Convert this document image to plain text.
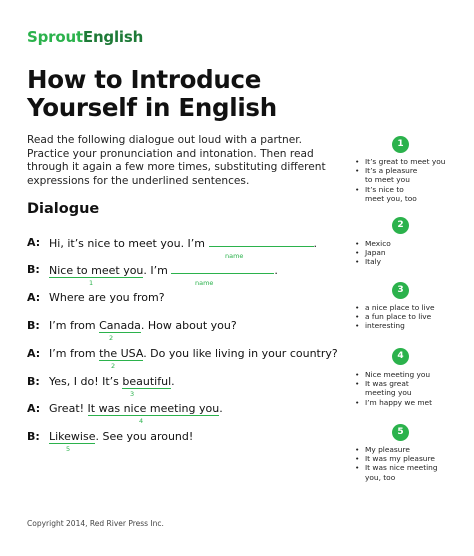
SproutEnglish
How to Introduce Yourself in English
Read the following dialogue out loud with a partner. Practice your pronunciation and intonation. Then read through it again a few more times, substituting different expressions for the underlined sentences.
Dialogue
A: Hi, it’s nice to meet you. I’m	.
name
B: Nice to meet you. I’m	.
1	name
A: Where are you from?
B: I’m from Canada. How about you?
2
A: I’m from the USA. Do you like living in your country?
2
B: Yes, I do! It’s beautiful.
3
A: Great! It was nice meeting you.
4
B: Likewise. See you around!
5
1
• It’s great to meet you
• It’s a pleasure to meet you
• It’s nice to meet you, too
2
• Mexico
• Japan
• Italy
3
• a nice place to live
• a fun place to live
• interesting
4
• Nice meeting you
• It was great meeting you
• I’m happy we met
5
• My pleasure
• It was my pleasure
• It was nice meeting you, too
Copyright 2014, Red River Press Inc.
